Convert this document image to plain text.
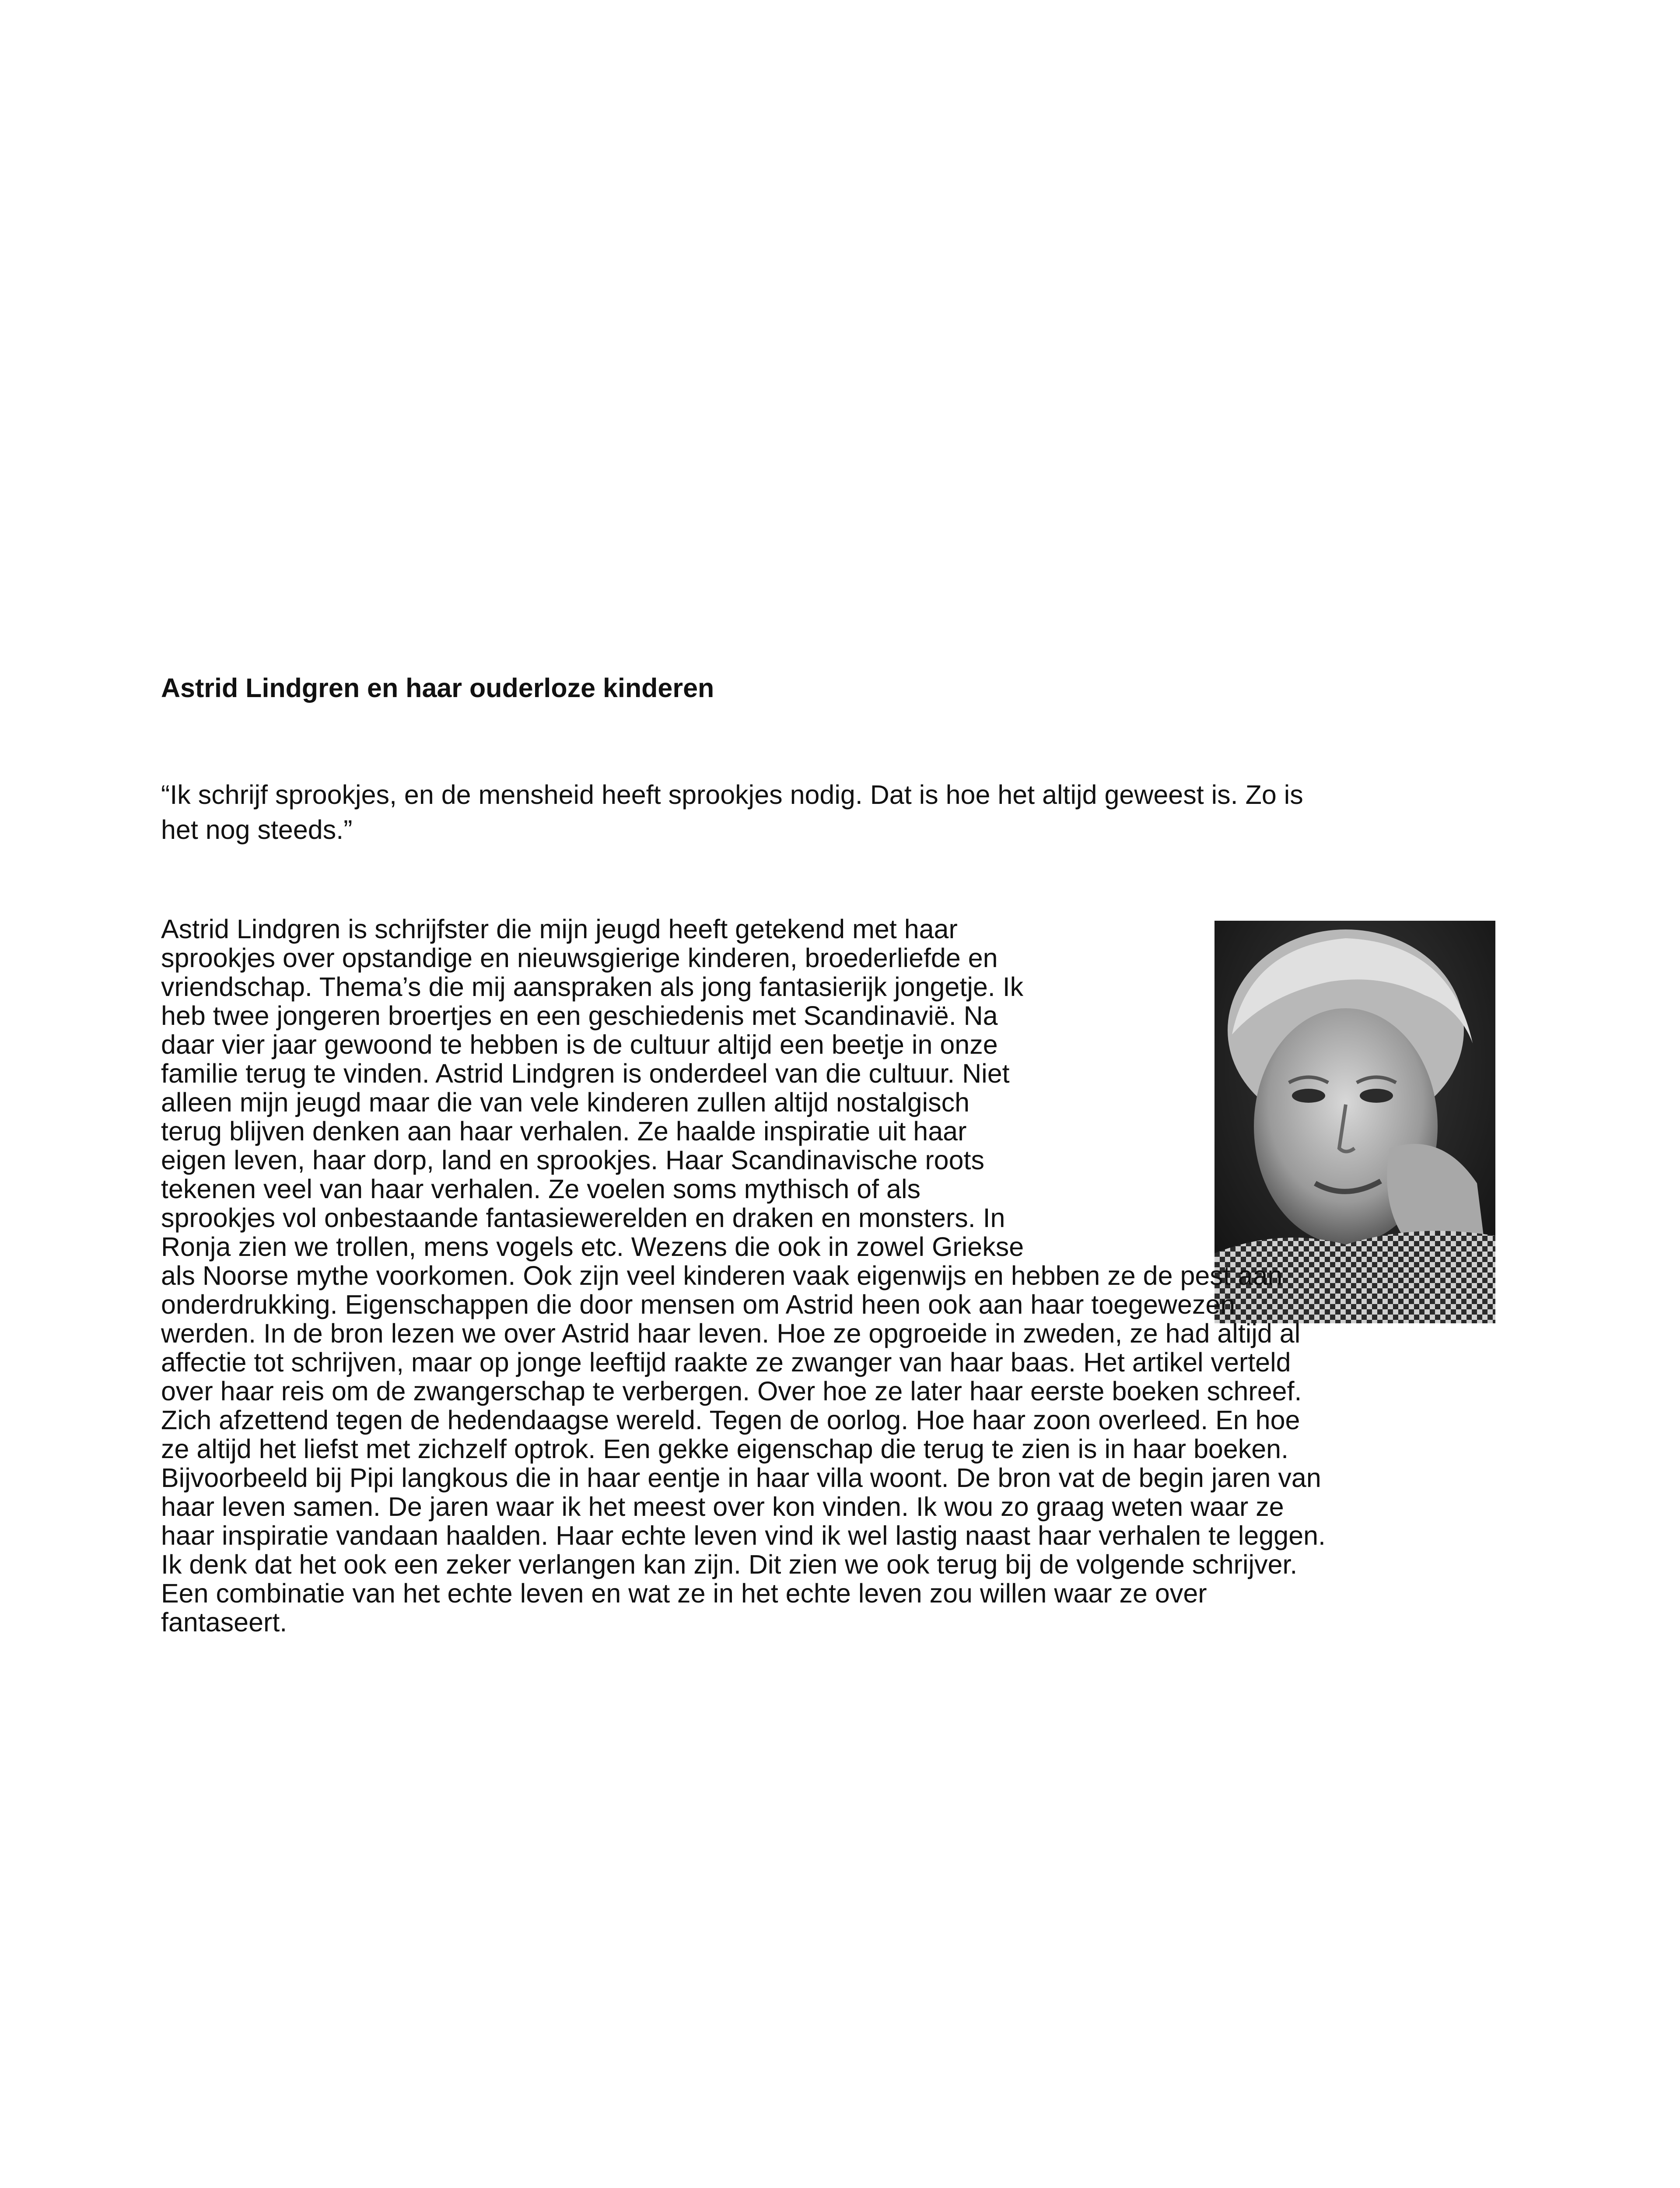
Astrid Lindgren en haar ouderloze kinderen

“Ik schrijf sprookjes, en de mensheid heeft sprookjes nodig. Dat is hoe het altijd geweest is. Zo is
het nog steeds.”

Astrid Lindgren is schrijfster die mijn jeugd heeft getekend met haar
sprookjes over opstandige en nieuwsgierige kinderen, broederliefde en
vriendschap. Thema’s die mij aanspraken als jong fantasierijk jongetje. Ik
heb twee jongeren broertjes en een geschiedenis met Scandinavië. Na
daar vier jaar gewoond te hebben is de cultuur altijd een beetje in onze
familie terug te vinden. Astrid Lindgren is onderdeel van die cultuur. Niet
alleen mijn jeugd maar die van vele kinderen zullen altijd nostalgisch
terug blijven denken aan haar verhalen. Ze haalde inspiratie uit haar
eigen leven, haar dorp, land en sprookjes. Haar Scandinavische roots
tekenen veel van haar verhalen. Ze voelen soms mythisch of als
sprookjes vol onbestaande fantasiewerelden en draken en monsters. In
Ronja zien we trollen, mens vogels etc. Wezens die ook in zowel Griekse
als Noorse mythe voorkomen. Ook zijn veel kinderen vaak eigenwijs en hebben ze de pest aan
onderdrukking. Eigenschappen die door mensen om Astrid heen ook aan haar toegewezen
werden. In de bron lezen we over Astrid haar leven. Hoe ze opgroeide in zweden, ze had altijd al
affectie tot schrijven, maar op jonge leeftijd raakte ze zwanger van haar baas. Het artikel verteld
over haar reis om de zwangerschap te verbergen. Over hoe ze later haar eerste boeken schreef.
Zich afzettend tegen de hedendaagse wereld. Tegen de oorlog. Hoe haar zoon overleed. En hoe
ze altijd het liefst met zichzelf optrok. Een gekke eigenschap die terug te zien is in haar boeken.
Bijvoorbeeld bij Pipi langkous die in haar eentje in haar villa woont. De bron vat de begin jaren van
haar leven samen. De jaren waar ik het meest over kon vinden. Ik wou zo graag weten waar ze
haar inspiratie vandaan haalden. Haar echte leven vind ik wel lastig naast haar verhalen te leggen.
Ik denk dat het ook een zeker verlangen kan zijn. Dit zien we ook terug bij de volgende schrijver.
Een combinatie van het echte leven en wat ze in het echte leven zou willen waar ze over
fantaseert.
